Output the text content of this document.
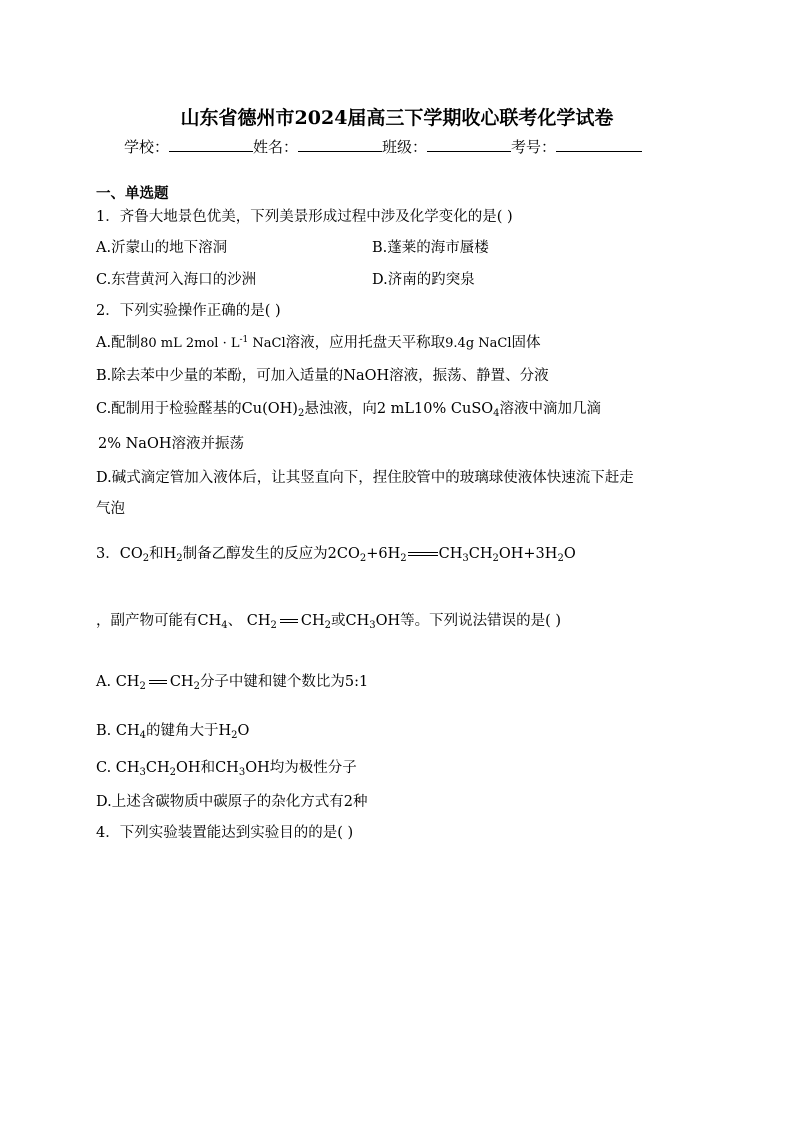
山东省德州市2024届高三下学期收心联考化学试卷
学校：	姓名：	班级：	考号：
一、单选题
1．齐鲁大地景色优美，下列美景形成过程中涉及化学变化的是( )
A.沂蒙山的地下溶洞	B.蓬莱的海市蜃楼
C.东营黄河入海口的沙洲	D.济南的趵突泉
2．下列实验操作正确的是( )
A.配制80 mL $2mol \cdot L^{-1}$ NaCl溶液，应用托盘天平称取9.4g NaCl固体
B.除去苯中少量的苯酚，可加入适量的NaOH溶液，振荡、静置、分液
C.配制用于检验醛基的$Cu(OH)_2$悬浊液，向2 mL10% CuSO$_4$溶液中滴加几滴
2% NaOH溶液并振荡
D.碱式滴定管加入液体后，让其竖直向下，捏住胶管中的玻璃球使液体快速流下赶走
气泡
3．$CO_2$和$H_2$制备乙醇发生的反应为$2CO_2+6H_2$ $CH_3CH_2OH+3H_2O$
，副产物可能有$CH_4$、 $CH_2$ $CH_2$或$CH_3OH$等。下列说法错误的是( )
A. $CH_2$ $CH_2$分子中键和键个数比为5:1
B. $CH_4$的键角大于$H_2O$
C. $CH_3CH_2OH$和$CH_3OH$均为极性分子
D.上述含碳物质中碳原子的杂化方式有2种
4．下列实验装置能达到实验目的的是( )
